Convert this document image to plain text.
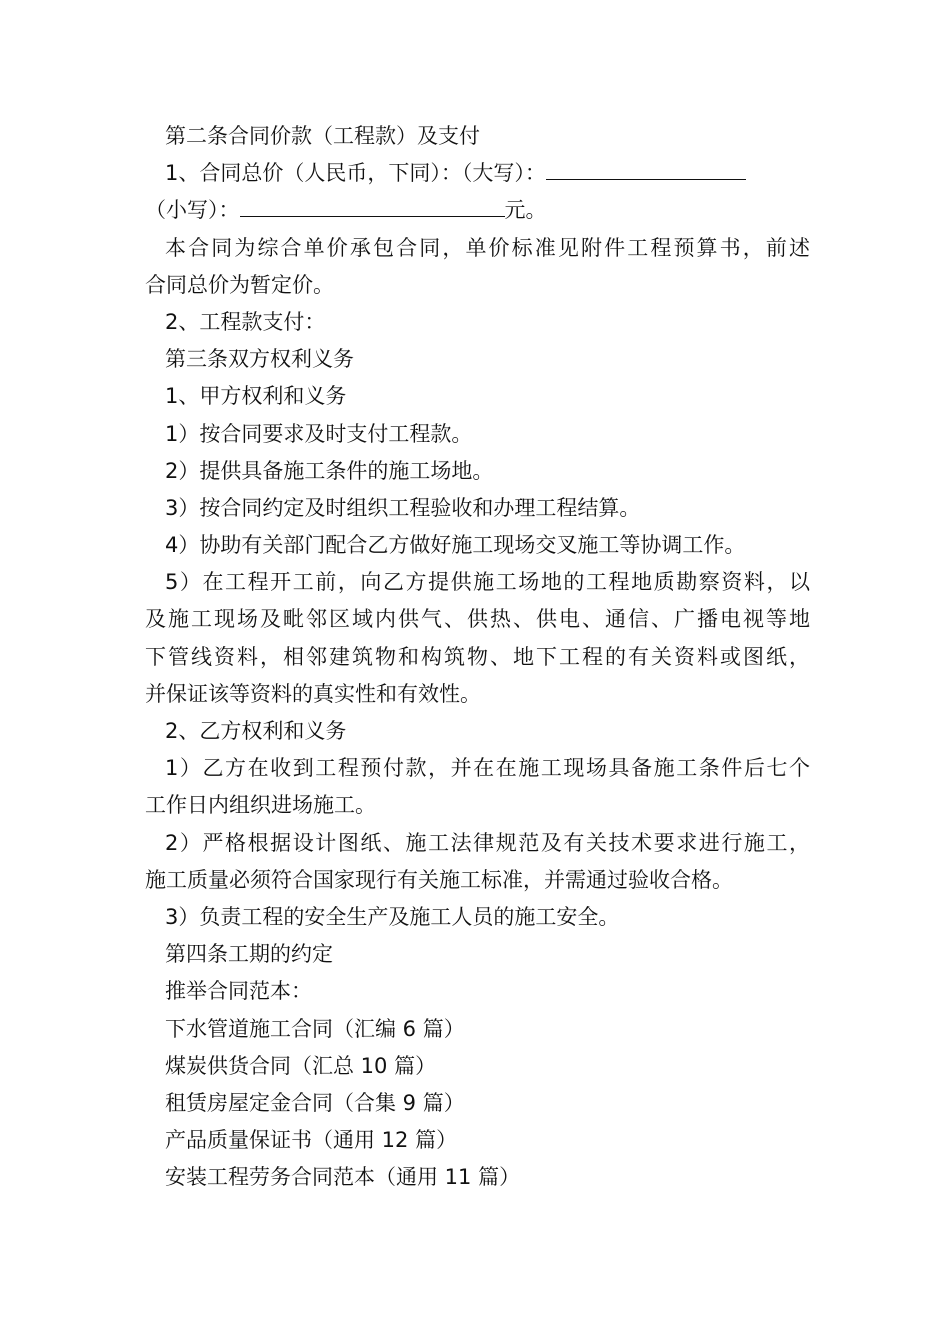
第二条合同价款（工程款）及支付
1、合同总价（人民币，下同）：（大写）：
（小写）：	元。
本合同为综合单价承包合同，单价标准见附件工程预算书，前述
合同总价为暂定价。
2、工程款支付：
第三条双方权利义务
1、甲方权利和义务
1）按合同要求及时支付工程款。
2）提供具备施工条件的施工场地。
3）按合同约定及时组织工程验收和办理工程结算。
4）协助有关部门配合乙方做好施工现场交叉施工等协调工作。
5）在工程开工前，向乙方提供施工场地的工程地质勘察资料，以
及施工现场及毗邻区域内供气、供热、供电、通信、广播电视等地
下管线资料，相邻建筑物和构筑物、地下工程的有关资料或图纸，
并保证该等资料的真实性和有效性。
2、乙方权利和义务
1）乙方在收到工程预付款，并在在施工现场具备施工条件后七个
工作日内组织进场施工。
2）严格根据设计图纸、施工法律规范及有关技术要求进行施工，
施工质量必须符合国家现行有关施工标准，并需通过验收合格。
3）负责工程的安全生产及施工人员的施工安全。
第四条工期的约定
推举合同范本：
下水管道施工合同（汇编 6 篇）
煤炭供货合同（汇总 10 篇）
租赁房屋定金合同（合集 9 篇）
产品质量保证书（通用 12 篇）
安装工程劳务合同范本（通用 11 篇）
